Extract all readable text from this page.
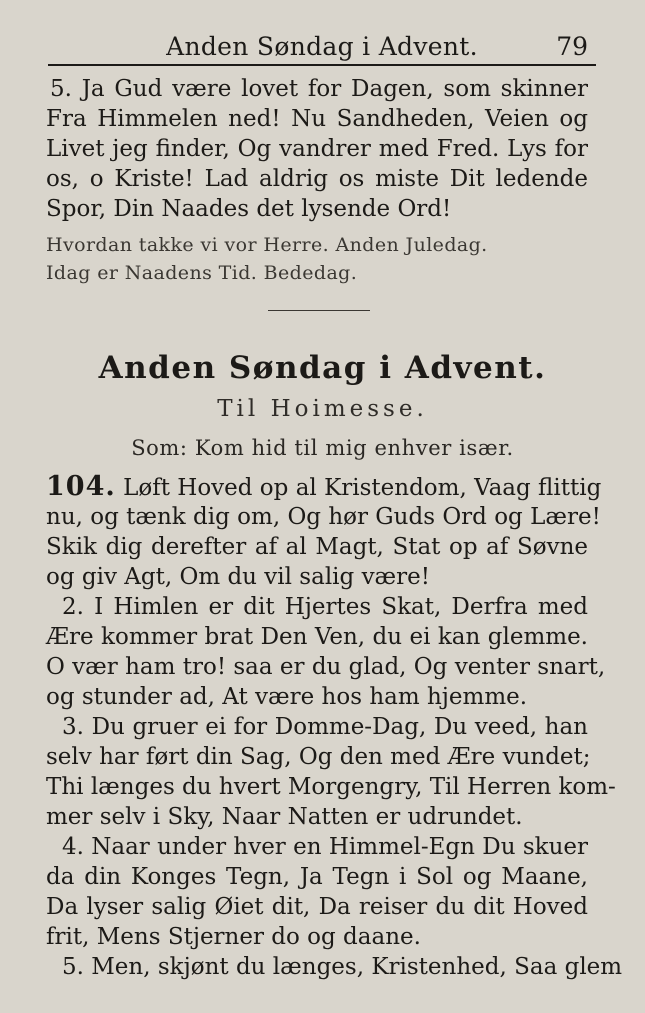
Anden Søndag i Advent.	79
5. Ja Gud være lovet for Dagen, som skinner
Fra Himmelen ned! Nu Sandheden, Veien og
Livet jeg finder, Og vandrer med Fred. Lys for
os, o Kriste! Lad aldrig os miste Dit ledende
Spor, Din Naades det lysende Ord!
Hvordan takke vi vor Herre. Anden Juledag.
Idag er Naadens Tid. Bededag.
Anden Søndag i Advent.
Til Hoimesse.
Som: Kom hid til mig enhver især.
104. Løft Hoved op al Kristendom, Vaag flittig
nu, og tænk dig om, Og hør Guds Ord og Lære!
Skik dig derefter af al Magt, Stat op af Søvne
og giv Agt, Om du vil salig være!
2. I Himlen er dit Hjertes Skat, Derfra med
Ære kommer brat Den Ven, du ei kan glemme.
O vær ham tro! saa er du glad, Og venter snart,
og stunder ad, At være hos ham hjemme.
3. Du gruer ei for Domme-Dag, Du veed, han
selv har ført din Sag, Og den med Ære vundet;
Thi længes du hvert Morgengry, Til Herren kom-
mer selv i Sky, Naar Natten er udrundet.
4. Naar under hver en Himmel-Egn Du skuer
da din Konges Tegn, Ja Tegn i Sol og Maane,
Da lyser salig Øiet dit, Da reiser du dit Hoved
frit, Mens Stjerner do og daane.
5. Men, skjønt du længes, Kristenhed, Saa glem
